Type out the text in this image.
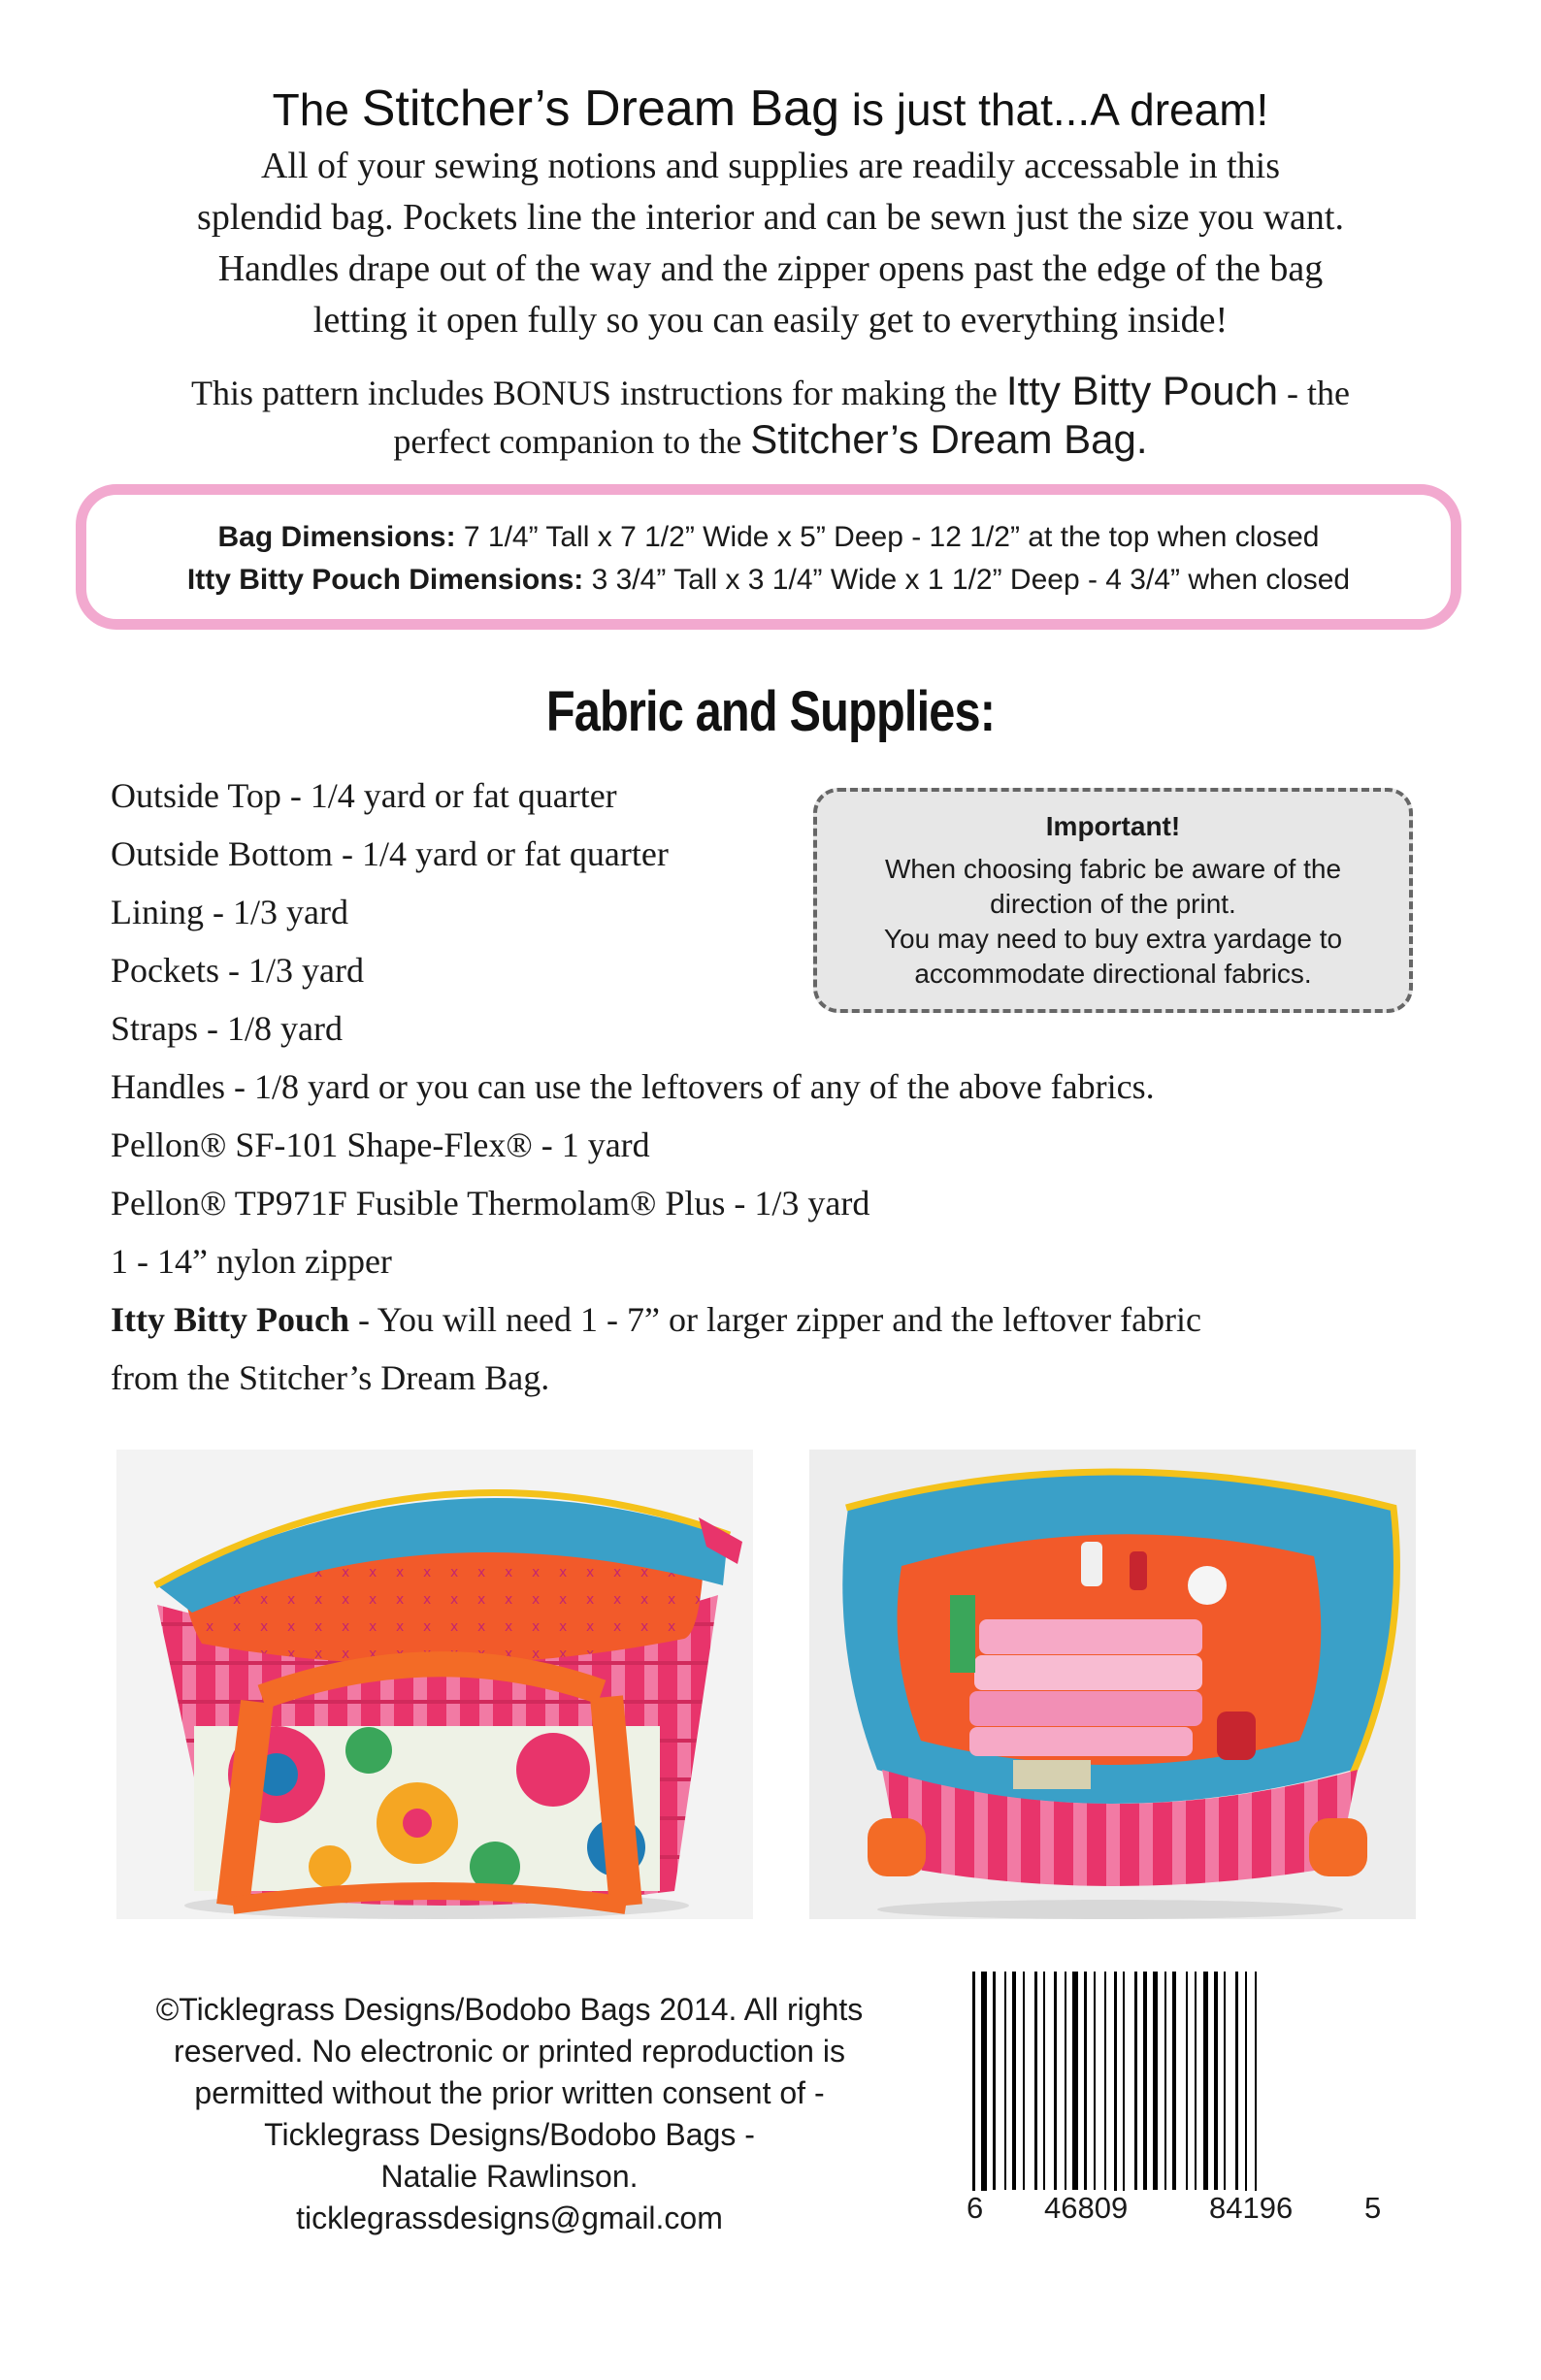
The Stitcher’s Dream Bag is just that...A dream!
All of your sewing notions and supplies are readily accessable in this
splendid bag. Pockets line the interior and can be sewn just the size you want.
Handles drape out of the way and the zipper opens past the edge of the bag
letting it open fully so you can easily get to everything inside!
This pattern includes BONUS instructions for making the Itty Bitty Pouch - the
perfect companion to the Stitcher’s Dream Bag.
Bag Dimensions: 7 1/4” Tall x 7 1/2” Wide x 5” Deep - 12 1/2” at the top when closed
Itty Bitty Pouch Dimensions: 3 3/4” Tall x 3 1/4” Wide x 1 1/2” Deep - 4 3/4” when closed
Fabric and Supplies:
Outside Top - 1/4 yard or fat quarter
Outside Bottom - 1/4 yard or fat quarter
Lining - 1/3 yard
Pockets - 1/3 yard
Straps - 1/8 yard
Handles - 1/8 yard or you can use the leftovers of any of the above fabrics.
Pellon® SF-101 Shape-Flex® - 1 yard
Pellon® TP971F Fusible Thermolam® Plus - 1/3 yard
1 - 14” nylon zipper
Itty Bitty Pouch - You will need 1 - 7” or larger zipper and the leftover fabric
from the Stitcher’s Dream Bag.
Important!
When choosing fabric be aware of the
direction of the print.
You may need to buy extra yardage to
accommodate directional fabrics.
©Ticklegrass Designs/Bodobo Bags 2014. All rights
reserved. No electronic or printed reproduction is
permitted without the prior written consent of -
Ticklegrass Designs/Bodobo Bags -
Natalie Rawlinson.
ticklegrassdesigns@gmail.com	6 46809	84196 5
